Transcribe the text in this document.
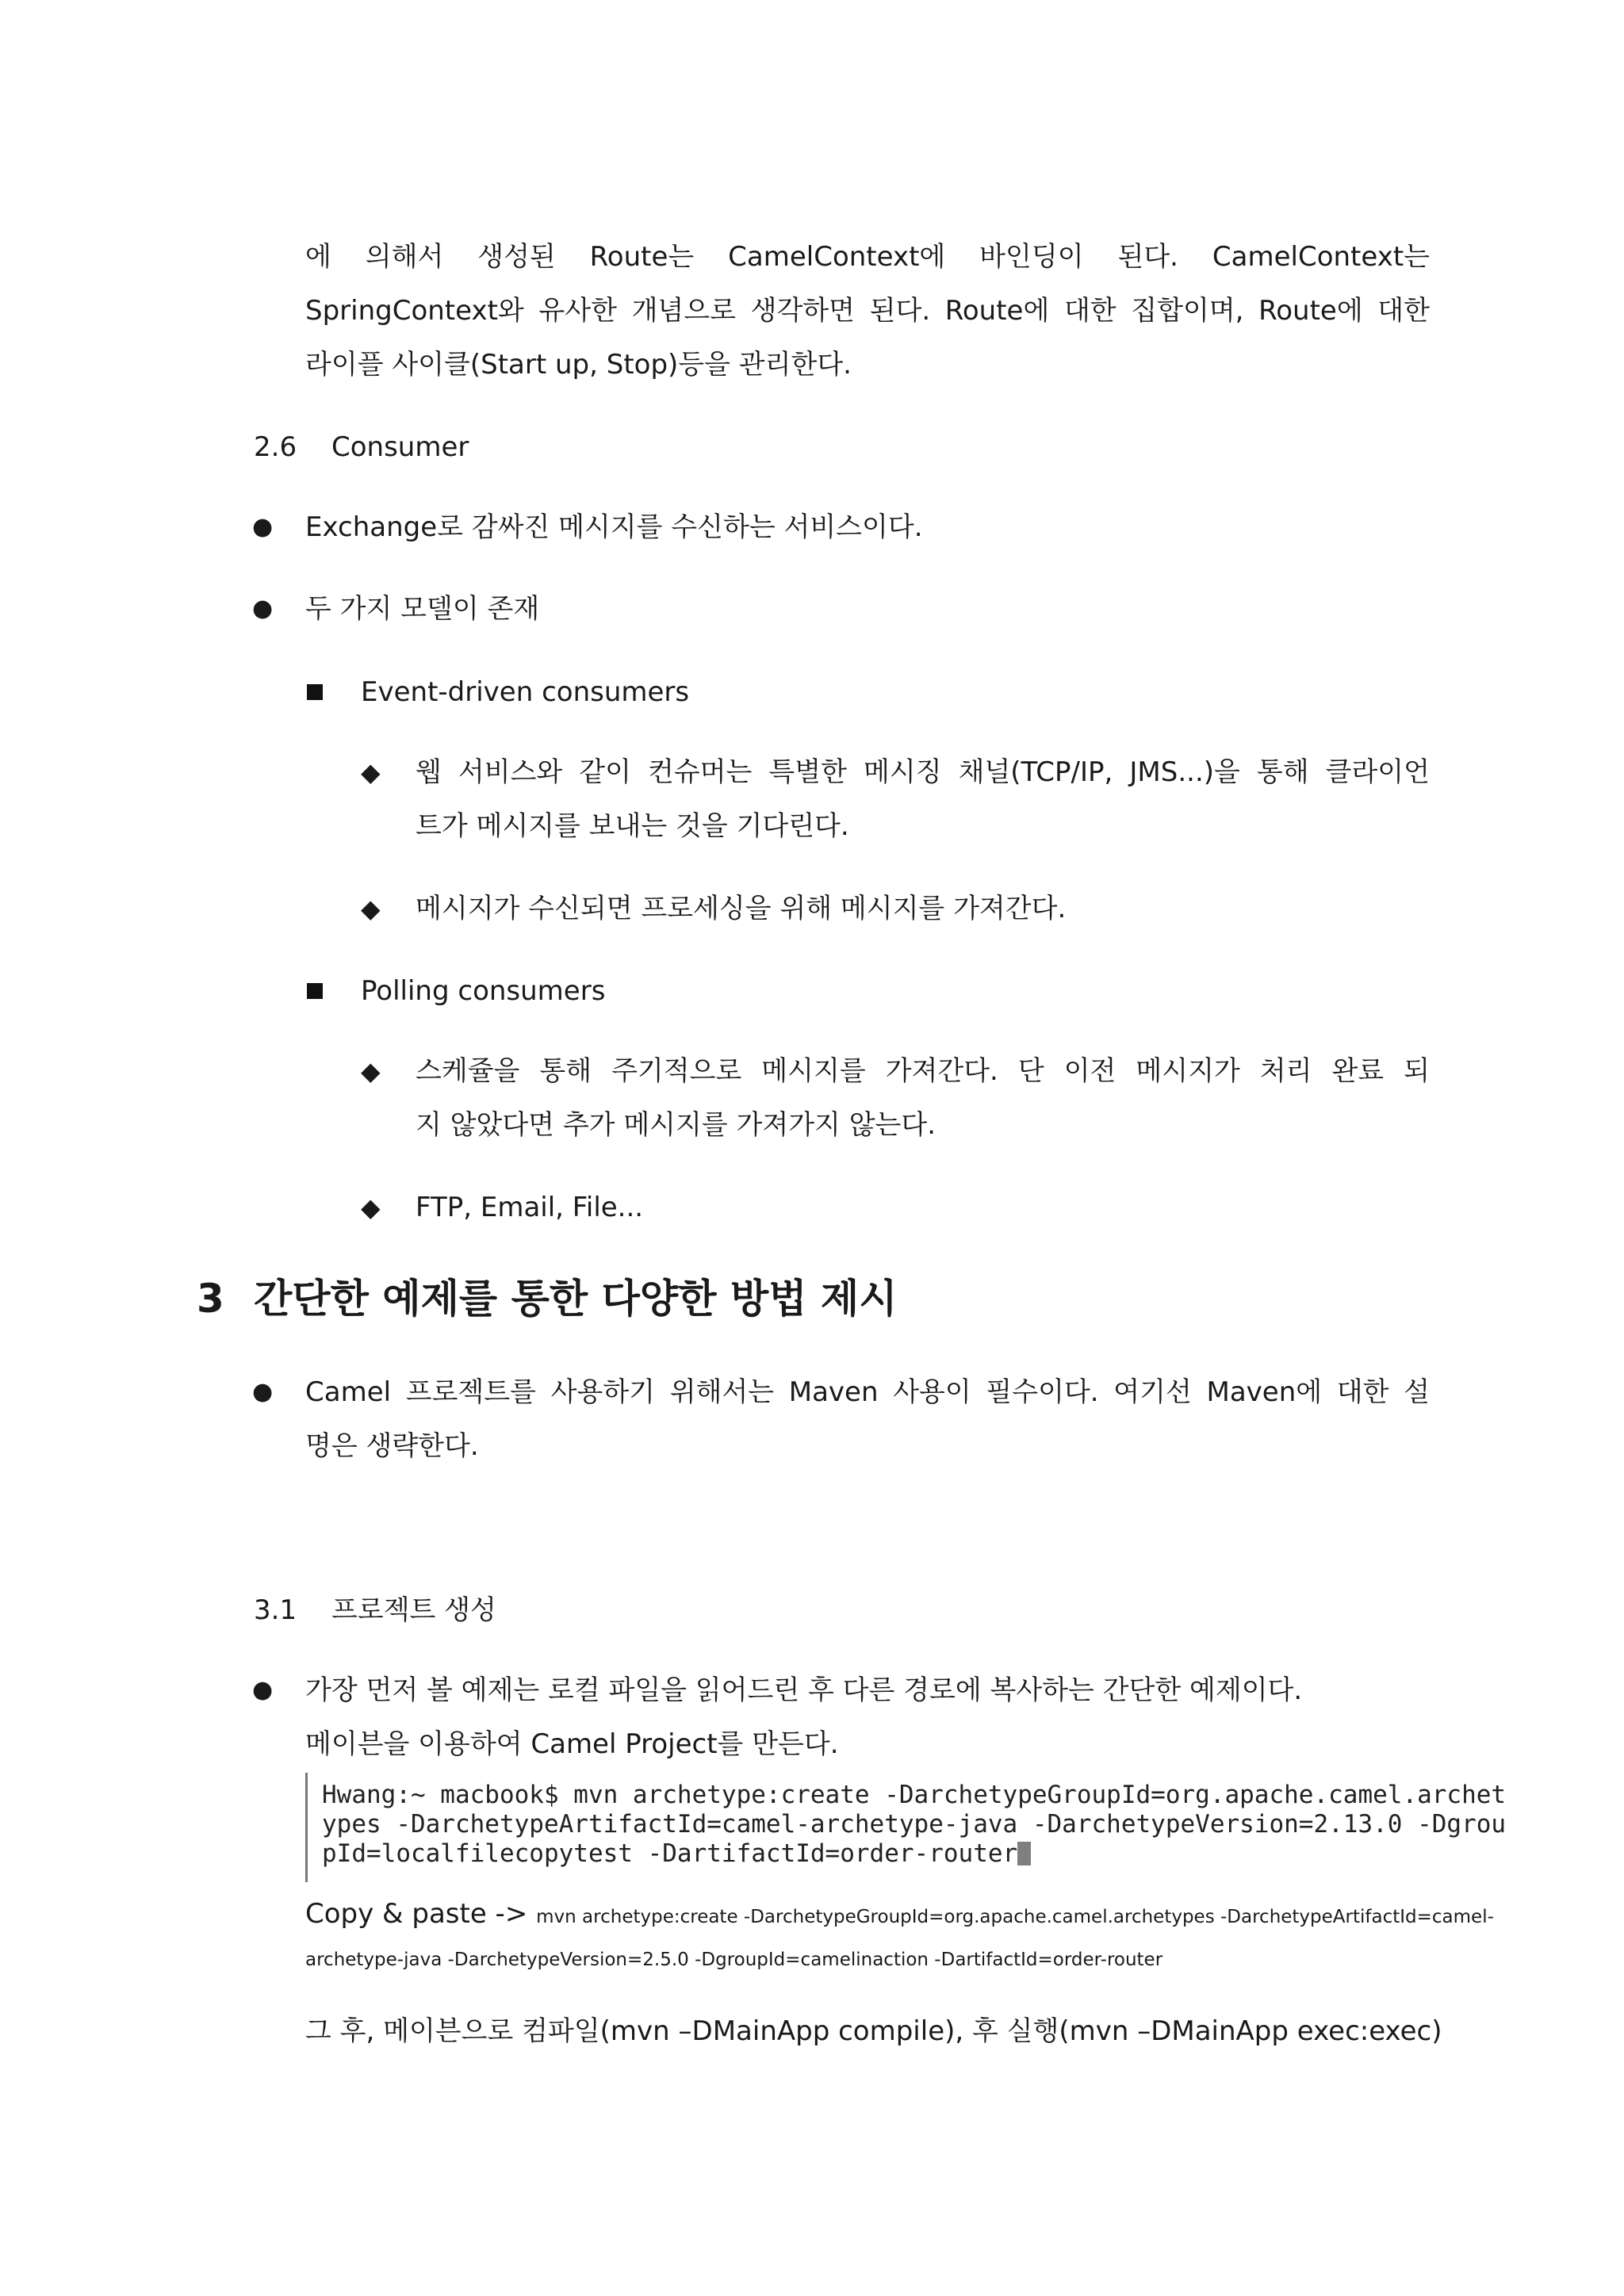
에 의해서 생성된 Route는 CamelContext에 바인딩이 된다. CamelContext는
SpringContext와 유사한 개념으로 생각하면 된다. Route에 대한 집합이며, Route에 대한
라이플 사이클(Start up, Stop)등을 관리한다.
2.6 Consumer
● Exchange로 감싸진 메시지를 수신하는 서비스이다.
● 두 가지 모델이 존재
Event-driven consumers
◆ 웹 서비스와 같이 컨슈머는 특별한 메시징 채널(TCP/IP, JMS...)을 통해 클라이언
트가 메시지를 보내는 것을 기다린다.
◆ 메시지가 수신되면 프로세싱을 위해 메시지를 가져간다.
Polling consumers
◆ 스케쥴을 통해 주기적으로 메시지를 가져간다. 단 이전 메시지가 처리 완료 되
지 않았다면 추가 메시지를 가져가지 않는다.
◆ FTP, Email, File...
3 간단한 예제를 통한 다양한 방법 제시
● Camel 프로젝트를 사용하기 위해서는 Maven 사용이 필수이다. 여기선 Maven에 대한 설
명은 생략한다.
3.1 프로젝트 생성
● 가장 먼저 볼 예제는 로컬 파일을 읽어드린 후 다른 경로에 복사하는 간단한 예제이다.
메이븐을 이용하여 Camel Project를 만든다.
Hwang:~ macbook$ mvn archetype:create -DarchetypeGroupId=org.apache.camel.archet
ypes -DarchetypeArtifactId=camel-archetype-java -DarchetypeVersion=2.13.0 -Dgrou
pId=localfilecopytest -DartifactId=order-router
Copy & paste -> mvn archetype:create -DarchetypeGroupId=org.apache.camel.archetypes -DarchetypeArtifactId=camel-
archetype-java -DarchetypeVersion=2.5.0 -DgroupId=camelinaction -DartifactId=order-router
그 후, 메이븐으로 컴파일(mvn –DMainApp compile), 후 실행(mvn –DMainApp exec:exec)
